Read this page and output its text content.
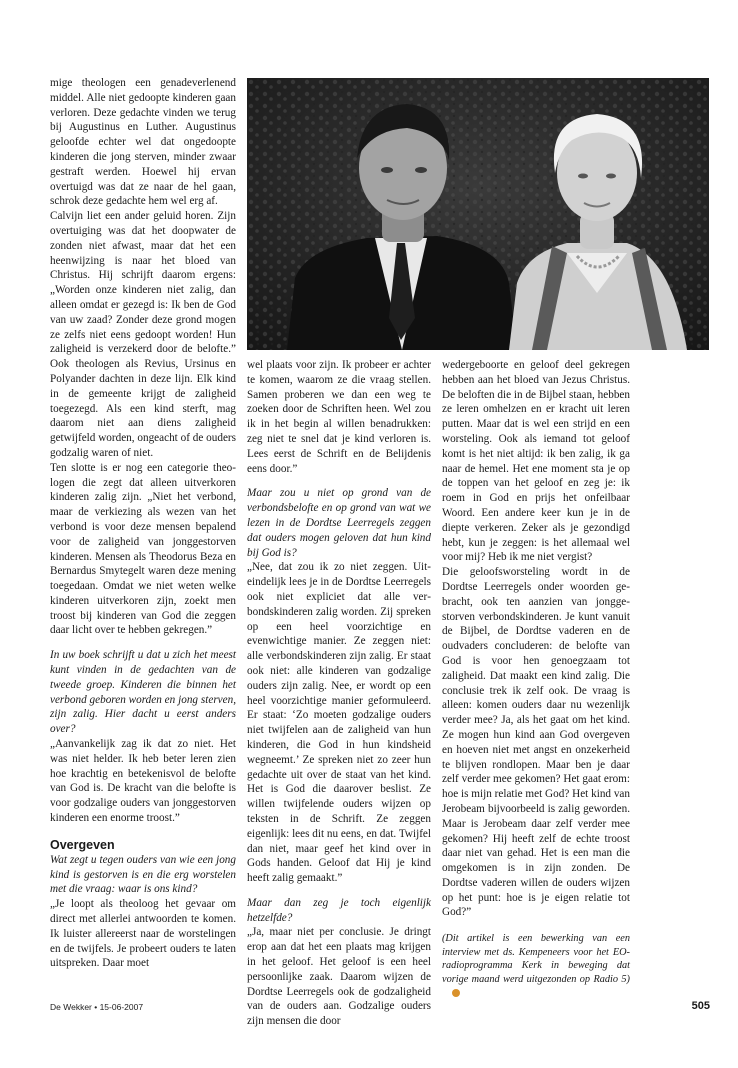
mige theologen een genadeverlenend middel. Alle niet gedoopte kinderen gaan verloren. Deze gedachte vinden we terug bij Augustinus en Luther. Augustinus geloofde echter wel dat ongedoopte kinderen die jong sterven, minder zwaar gestraft werden. Hoewel hij ervan overtuigd was dat ze naar de hel gaan, schrok deze gedachte hem wel erg af.

Calvijn liet een ander geluid horen. Zijn overtuiging was dat het doopwater de zonden niet afwast, maar dat het een heenwijzing is naar het bloed van Christus. Hij schrijft daarom ergens: „Worden onze kinderen niet zalig, dan alleen omdat er gezegd is: Ik ben de God van uw zaad? Zonder deze grond mogen ze zelfs niet eens gedoopt worden! Hun zaligheid is verzekerd door de belofte.” Ook theologen als Revius, Ursinus en Polyander dachten in deze lijn. Elk kind in de gemeente krijgt de zaligheid toegezegd. Als een kind sterft, mag daarom niet aan diens zaligheid getwijfeld worden, ongeacht of de ouders godzalig waren of niet.

Ten slotte is er nog een categorie theologen die zegt dat alleen uitverkoren kinderen zalig zijn. „Niet het verbond, maar de verkiezing als wezen van het verbond is voor deze mensen bepalend voor de zaligheid van jonggestorven kinderen. Mensen als Theodorus Beza en Bernardus Smytegelt waren deze mening toegedaan. Omdat we niet weten welke kinderen uitverkoren zijn, zoekt men troost bij kinderen van God die zeggen daar licht over te hebben gekregen.”

In uw boek schrijft u dat u zich het meest kunt vinden in de gedachten van de tweede groep. Kinderen die binnen het verbond geboren worden en jong sterven, zijn zalig. Hier dacht u eerst anders over?

„Aanvankelijk zag ik dat zo niet. Het was niet helder. Ik heb beter leren zien hoe krachtig en betekenisvol de belofte van God is. De kracht van die belofte is voor godzalige ouders van jonggestorven kinderen een enorme troost.”

Overgeven

Wat zegt u tegen ouders van wie een jong kind is gestorven is en die erg worstelen met die vraag: waar is ons kind?

„Je loopt als theoloog het gevaar om direct met allerlei antwoorden te komen. Ik luister allereerst naar de worstelingen en de twijfels. Je probeert ouders te laten uitspreken. Daar moet

wel plaats voor zijn. Ik probeer er achter te komen, waarom ze die vraag stellen. Samen proberen we dan een weg te zoeken door de Schriften heen. Wel zou ik in het begin al willen benadrukken: zeg niet te snel dat je kind verloren is. Lees eerst de Schrift en de Belijdenis eens door.”

Maar zou u niet op grond van de verbondsbelofte en op grond van wat we lezen in de Dordtse Leerregels zeggen dat ouders mogen geloven dat hun kind bij God is?

„Nee, dat zou ik zo niet zeggen. Uiteindelijk lees je in de Dordtse Leerregels ook niet expliciet dat alle verbondskinderen zalig worden. Zij spreken op een heel voorzichtige en evenwichtige manier. Ze zeggen niet: alle verbondskinderen zijn zalig. Er staat ook niet: alle kinderen van godzalige ouders zijn zalig. Nee, er wordt op een heel voorzichtige manier geformuleerd. Er staat: ‘Zo moeten godzalige ouders niet twijfelen aan de zaligheid van hun kinderen, die God in hun kindsheid wegneemt.’ Ze spreken niet zo zeer hun gedachte uit over de staat van het kind. Het is God die daarover beslist. Ze willen twijfelende ouders wijzen op teksten in de Schrift. Ze zeggen eigenlijk: lees dit nu eens, en dat. Twijfel dan niet, maar geef het kind over in Gods handen. Geloof dat Hij je kind heeft zalig gemaakt.”

Maar dan zeg je toch eigenlijk hetzelfde?

„Ja, maar niet per conclusie. Je dringt erop aan dat het een plaats mag krijgen in het geloof. Het geloof is een heel persoonlijke zaak. Daarom wijzen de Dordtse Leerregels ook de godzaligheid van de ouders aan. Godzalige ouders zijn mensen die door

wedergeboorte en geloof deel gekregen hebben aan het bloed van Jezus Christus. De beloften die in de Bijbel staan, hebben ze leren omhelzen en er kracht uit leren putten. Maar dat is wel een strijd en een worsteling. Ook als iemand tot geloof komt is het niet altijd: ik ben zalig, ik ga naar de hemel. Het ene moment sta je op de toppen van het geloof en zeg je: ik roem in God en prijs het onfeilbaar Woord. Een andere keer kun je in de diepte verkeren. Zeker als je gezondigd hebt, kun je zeggen: is het allemaal wel voor mij? Heb ik me niet vergist?

Die geloofsworsteling wordt in de Dordtse Leerregels onder woorden gebracht, ook ten aanzien van jonggestorven verbondskinderen. Je kunt vanuit de Bijbel, de Dordtse vaderen en de oudvaders concluderen: de belofte van God is voor hen genoegzaam tot zaligheid. Dat maakt een kind zalig. Die conclusie trek ik zelf ook. De vraag is alleen: komen ouders daar nu wezenlijk verder mee? Ja, als het gaat om het kind. Ze mogen hun kind aan God overgeven en hoeven niet met angst en onzekerheid te blijven rondlopen. Maar ben je daar zelf verder mee gekomen? Het gaat erom: hoe is mijn relatie met God? Het kind van Jerobeam bijvoorbeeld is zalig geworden. Maar is Jerobeam daar zelf verder mee gekomen? Hij heeft zelf de echte troost daar niet van gehad. Het is een man die omgekomen is in zijn zonden. De Dordtse vaderen willen de ouders wijzen op het punt: hoe is je eigen relatie tot God?”

(Dit artikel is een bewerking van een interview met ds. Kempeneers voor het EO-radioprogramma Kerk in beweging dat vorige maand werd uitgezonden op Radio 5)

De Wekker • 15-06-2007	505
